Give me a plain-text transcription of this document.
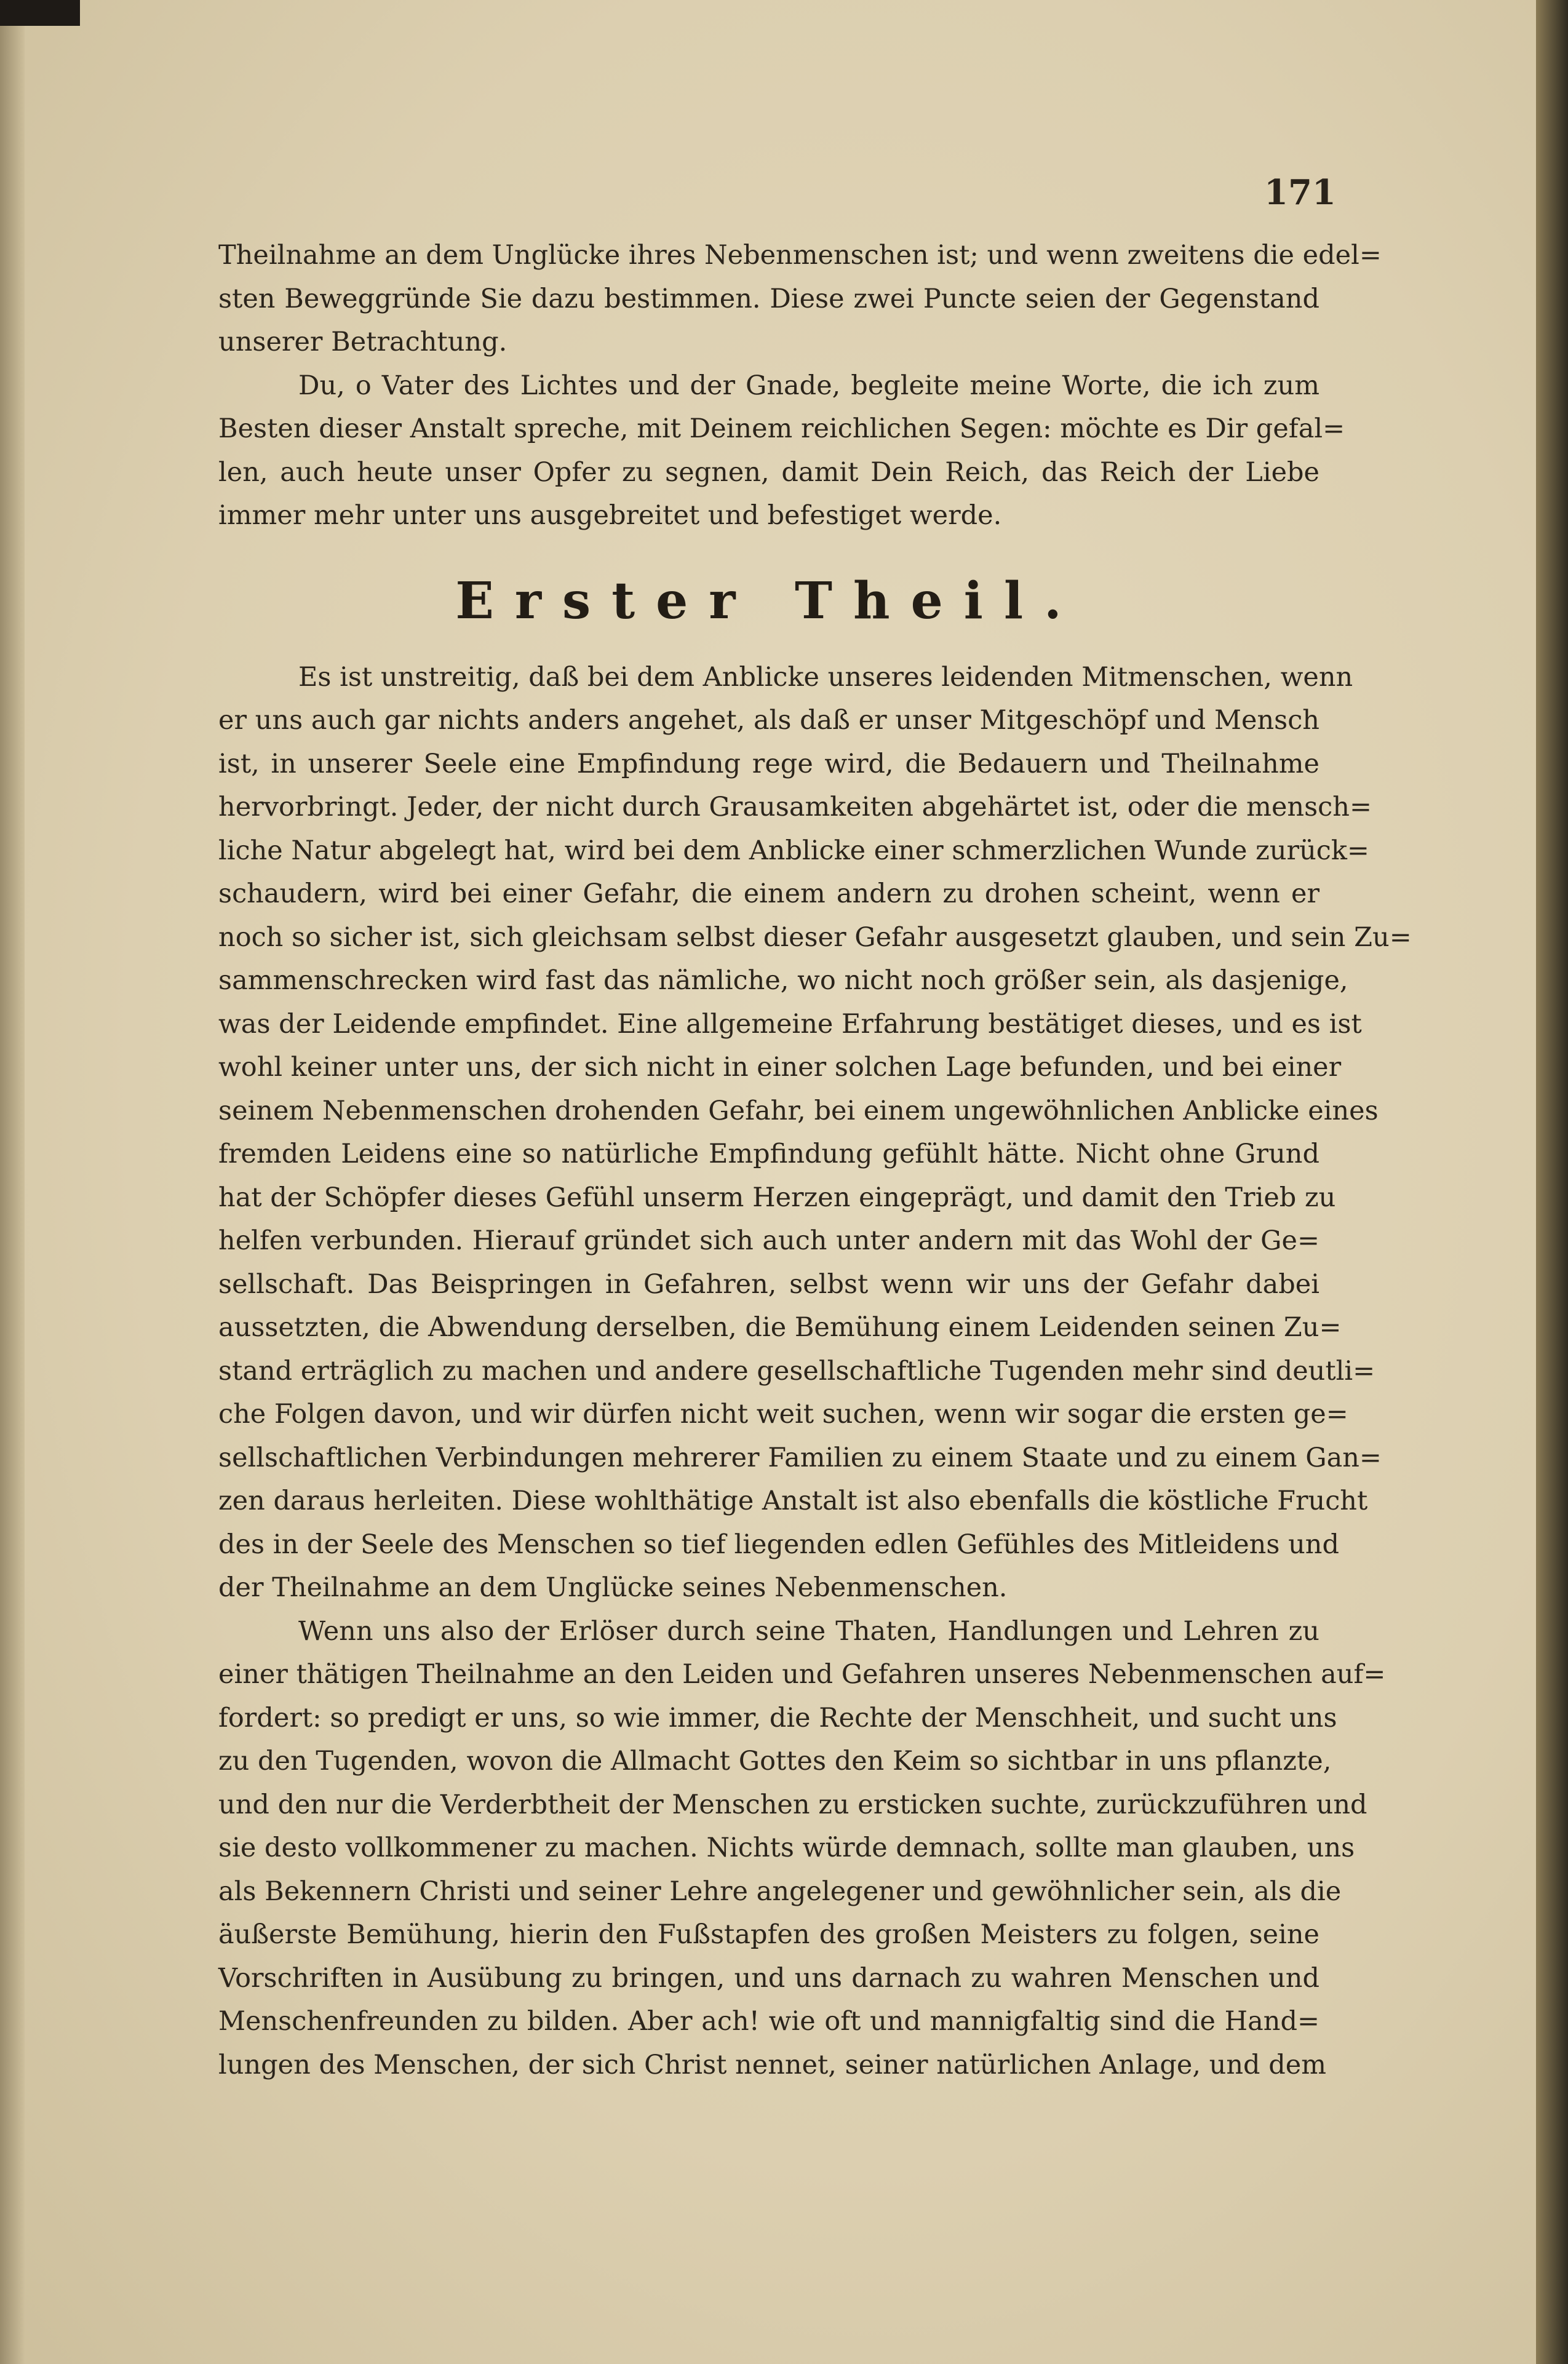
171
Theilnahme an dem Unglücke ihres Nebenmenschen ist; und wenn zweitens die edel=
sten Beweggründe Sie dazu bestimmen. Diese zwei Puncte seien der Gegenstand
unserer Betrachtung.
Du, o Vater des Lichtes und der Gnade, begleite meine Worte, die ich zum
Besten dieser Anstalt spreche, mit Deinem reichlichen Segen: möchte es Dir gefal=
len, auch heute unser Opfer zu segnen, damit Dein Reich, das Reich der Liebe
immer mehr unter uns ausgebreitet und befestiget werde.
Erster Theil.
Es ist unstreitig, daß bei dem Anblicke unseres leidenden Mitmenschen, wenn
er uns auch gar nichts anders angehet, als daß er unser Mitgeschöpf und Mensch
ist, in unserer Seele eine Empfindung rege wird, die Bedauern und Theilnahme
hervorbringt. Jeder, der nicht durch Grausamkeiten abgehärtet ist, oder die mensch=
liche Natur abgelegt hat, wird bei dem Anblicke einer schmerzlichen Wunde zurück=
schaudern, wird bei einer Gefahr, die einem andern zu drohen scheint, wenn er
noch so sicher ist, sich gleichsam selbst dieser Gefahr ausgesetzt glauben, und sein Zu=
sammenschrecken wird fast das nämliche, wo nicht noch größer sein, als dasjenige,
was der Leidende empfindet. Eine allgemeine Erfahrung bestätiget dieses, und es ist
wohl keiner unter uns, der sich nicht in einer solchen Lage befunden, und bei einer
seinem Nebenmenschen drohenden Gefahr, bei einem ungewöhnlichen Anblicke eines
fremden Leidens eine so natürliche Empfindung gefühlt hätte. Nicht ohne Grund
hat der Schöpfer dieses Gefühl unserm Herzen eingeprägt, und damit den Trieb zu
helfen verbunden. Hierauf gründet sich auch unter andern mit das Wohl der Ge=
sellschaft. Das Beispringen in Gefahren, selbst wenn wir uns der Gefahr dabei
aussetzten, die Abwendung derselben, die Bemühung einem Leidenden seinen Zu=
stand erträglich zu machen und andere gesellschaftliche Tugenden mehr sind deutli=
che Folgen davon, und wir dürfen nicht weit suchen, wenn wir sogar die ersten ge=
sellschaftlichen Verbindungen mehrerer Familien zu einem Staate und zu einem Gan=
zen daraus herleiten. Diese wohlthätige Anstalt ist also ebenfalls die köstliche Frucht
des in der Seele des Menschen so tief liegenden edlen Gefühles des Mitleidens und
der Theilnahme an dem Unglücke seines Nebenmenschen.
Wenn uns also der Erlöser durch seine Thaten, Handlungen und Lehren zu
einer thätigen Theilnahme an den Leiden und Gefahren unseres Nebenmenschen auf=
fordert: so predigt er uns, so wie immer, die Rechte der Menschheit, und sucht uns
zu den Tugenden, wovon die Allmacht Gottes den Keim so sichtbar in uns pflanzte,
und den nur die Verderbtheit der Menschen zu ersticken suchte, zurückzuführen und
sie desto vollkommener zu machen. Nichts würde demnach, sollte man glauben, uns
als Bekennern Christi und seiner Lehre angelegener und gewöhnlicher sein, als die
äußerste Bemühung, hierin den Fußstapfen des großen Meisters zu folgen, seine
Vorschriften in Ausübung zu bringen, und uns darnach zu wahren Menschen und
Menschenfreunden zu bilden. Aber ach! wie oft und mannigfaltig sind die Hand=
lungen des Menschen, der sich Christ nennet, seiner natürlichen Anlage, und dem
